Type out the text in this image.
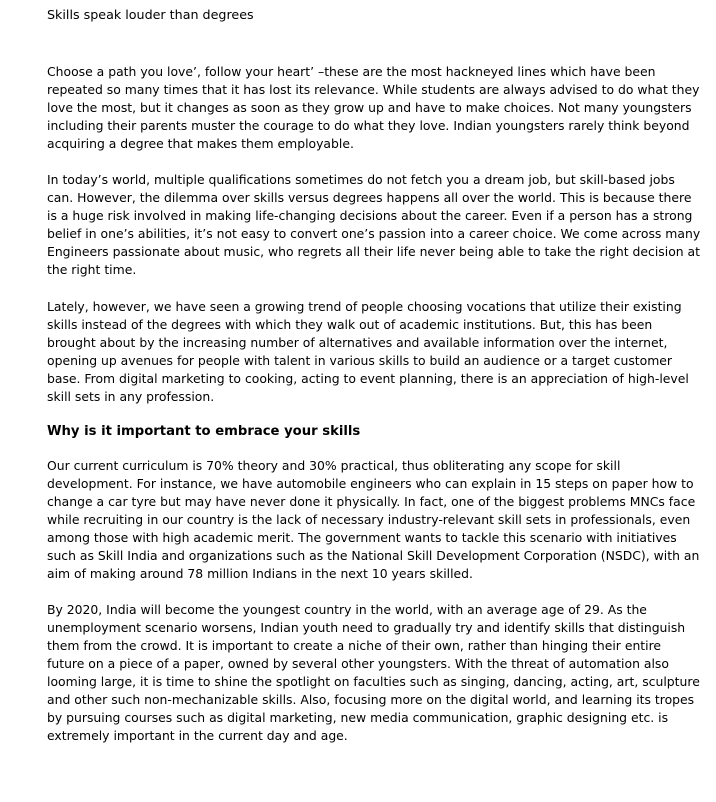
Skills speak louder than degrees

Choose a path you love’, follow your heart’ –these are the most hackneyed lines which have been repeated so many times that it has lost its relevance. While students are always advised to do what they love the most, but it changes as soon as they grow up and have to make choices. Not many youngsters including their parents muster the courage to do what they love. Indian youngsters rarely think beyond acquiring a degree that makes them employable.

In today’s world, multiple qualifications sometimes do not fetch you a dream job, but skill-based jobs can. However, the dilemma over skills versus degrees happens all over the world. This is because there is a huge risk involved in making life-changing decisions about the career. Even if a person has a strong belief in one’s abilities, it’s not easy to convert one’s passion into a career choice. We come across many Engineers passionate about music, who regrets all their life never being able to take the right decision at the right time.

Lately, however, we have seen a growing trend of people choosing vocations that utilize their existing skills instead of the degrees with which they walk out of academic institutions. But, this has been brought about by the increasing number of alternatives and available information over the internet, opening up avenues for people with talent in various skills to build an audience or a target customer base. From digital marketing to cooking, acting to event planning, there is an appreciation of high-level skill sets in any profession.

Why is it important to embrace your skills

Our current curriculum is 70% theory and 30% practical, thus obliterating any scope for skill development. For instance, we have automobile engineers who can explain in 15 steps on paper how to change a car tyre but may have never done it physically. In fact, one of the biggest problems MNCs face while recruiting in our country is the lack of necessary industry-relevant skill sets in professionals, even among those with high academic merit. The government wants to tackle this scenario with initiatives such as Skill India and organizations such as the National Skill Development Corporation (NSDC), with an aim of making around 78 million Indians in the next 10 years skilled.

By 2020, India will become the youngest country in the world, with an average age of 29. As the unemployment scenario worsens, Indian youth need to gradually try and identify skills that distinguish them from the crowd. It is important to create a niche of their own, rather than hinging their entire future on a piece of a paper, owned by several other youngsters. With the threat of automation also looming large, it is time to shine the spotlight on faculties such as singing, dancing, acting, art, sculpture and other such non-mechanizable skills. Also, focusing more on the digital world, and learning its tropes by pursuing courses such as digital marketing, new media communication, graphic designing etc. is extremely important in the current day and age.
